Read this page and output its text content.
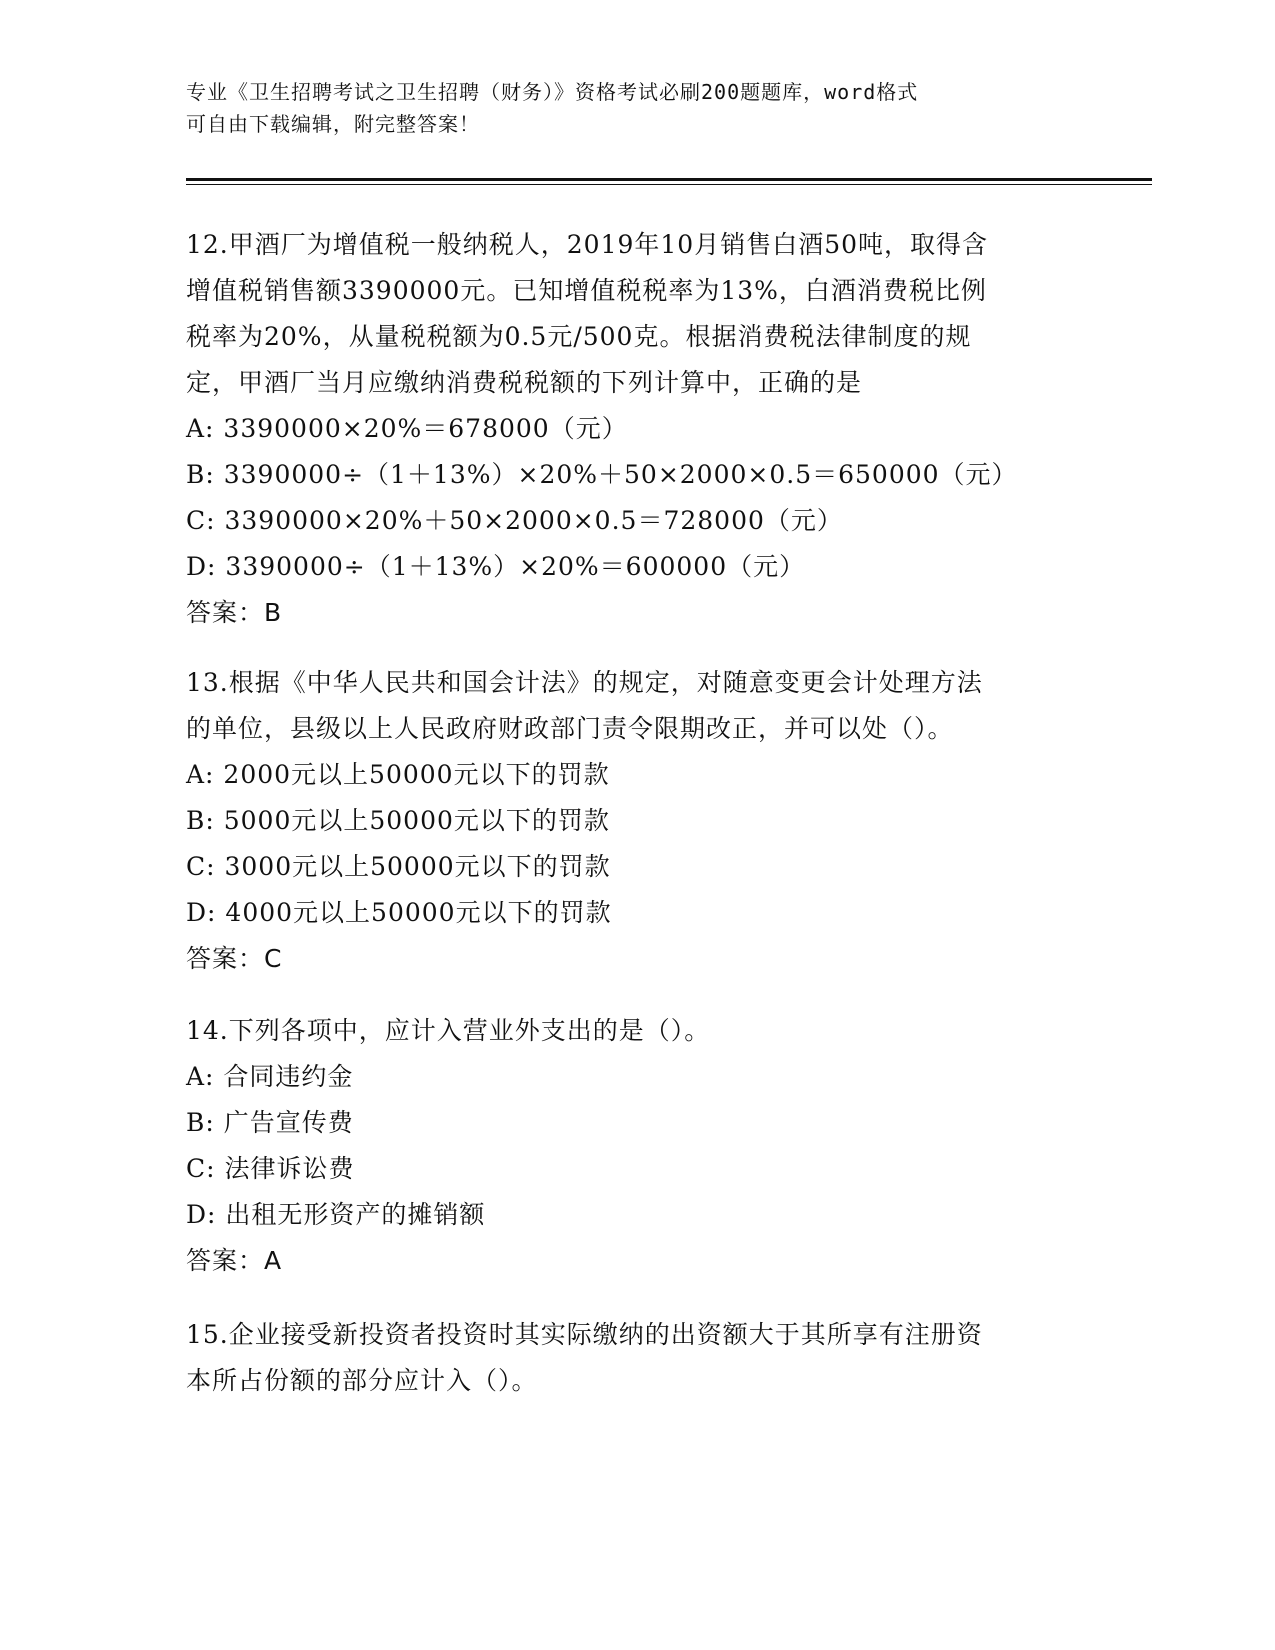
专业《卫生招聘考试之卫生招聘（财务）》资格考试必刷200题题库，word格式
可自由下载编辑，附完整答案！
12.甲酒厂为增值税一般纳税人，2019年10月销售白酒50吨，取得含
增值税销售额3390000元。已知增值税税率为13%，白酒消费税比例
税率为20%，从量税税额为0.5元/500克。根据消费税法律制度的规
定，甲酒厂当月应缴纳消费税税额的下列计算中，正确的是
A: 3390000×20%＝678000（元）
B: 3390000÷（1＋13%）×20%＋50×2000×0.5＝650000（元）
C: 3390000×20%＋50×2000×0.5＝728000（元）
D: 3390000÷（1＋13%）×20%＝600000（元）
答案：B
13.根据《中华人民共和国会计法》的规定，对随意变更会计处理方法
的单位，县级以上人民政府财政部门责令限期改正，并可以处（）。
A: 2000元以上50000元以下的罚款
B: 5000元以上50000元以下的罚款
C: 3000元以上50000元以下的罚款
D: 4000元以上50000元以下的罚款
答案：C
14.下列各项中，应计入营业外支出的是（）。
A: 合同违约金
B: 广告宣传费
C: 法律诉讼费
D: 出租无形资产的摊销额
答案：A
15.企业接受新投资者投资时其实际缴纳的出资额大于其所享有注册资
本所占份额的部分应计入（）。
